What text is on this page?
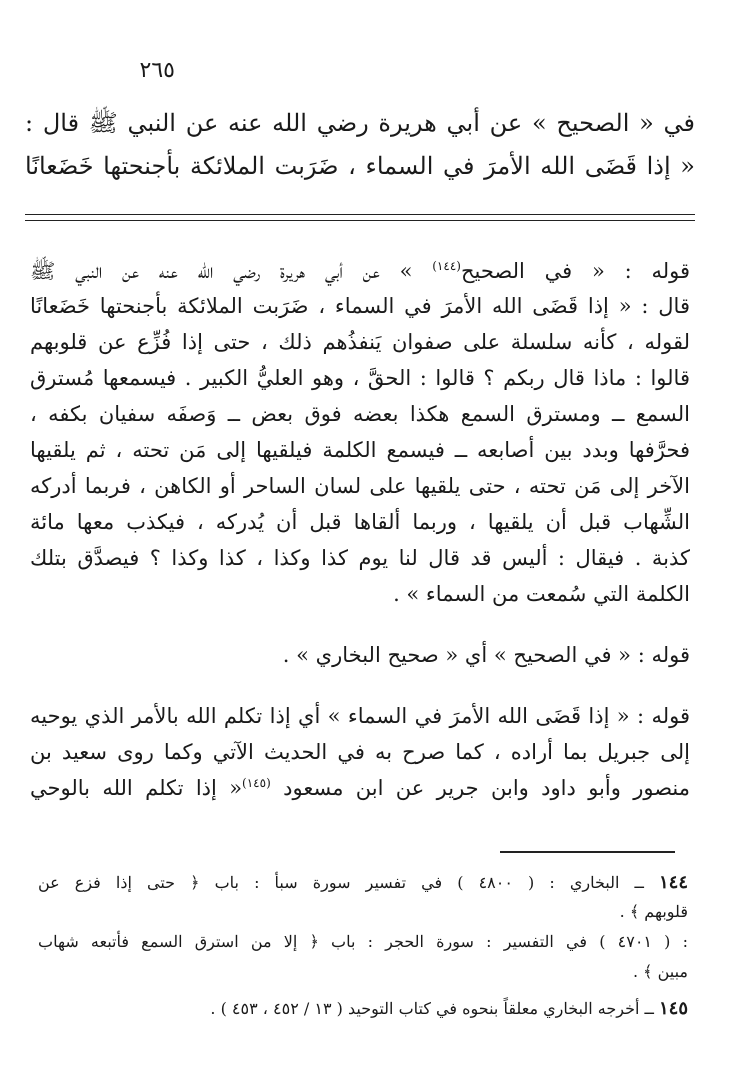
٢٦٥
في « الصحيح » عن أبي هريرة رضي الله عنه عن النبي ﷺ قال :
« إذا قَضَى الله الأمرَ في السماء ، ضَرَبت الملائكة بأجنحتها خَضَعانًا
قوله : « في الصحيح$^{(١٤٤)}$ » عن أبي هريرة رضي الله عنه عن النبي ﷺ
قال : « إذا قَضَى الله الأمرَ في السماء ، ضَرَبت الملائكة بأجنحتها خَضَعانًا
لقوله ، كأنه سلسلة على صفوان يَنفذُهم ذلك ، حتى إذا فُزِّع عن قلوبهم
قالوا : ماذا قال ربكم ؟ قالوا : الحقَّ ، وهو العليُّ الكبير . فيسمعها مُسترق
السمع ــ ومسترق السمع هكذا بعضه فوق بعض ــ وَصفَه سفيان بكفه ،
فحرَّفها وبدد بين أصابعه ــ فيسمع الكلمة فيلقيها إلى مَن تحته ، ثم يلقيها
الآخر إلى مَن تحته ، حتى يلقيها على لسان الساحر أو الكاهن ، فربما أدركه
الشِّهاب قبل أن يلقيها ، وربما ألقاها قبل أن يُدركه ، فيكذب معها مائة
كذبة . فيقال : أليس قد قال لنا يوم كذا وكذا ، كذا وكذا ؟ فيصدَّق بتلك
الكلمة التي سُمعت من السماء » .
قوله : « في الصحيح » أي « صحيح البخاري » .
قوله : « إذا قَضَى الله الأمرَ في السماء » أي إذا تكلم الله بالأمر الذي يوحيه
إلى جبريل بما أراده ، كما صرح به في الحديث الآتي وكما روى سعيد بن
منصور وأبو داود وابن جرير عن ابن مسعود $^{(١٤٥)}$« إذا تكلم الله بالوحي
١٤٤ ــ البخاري : ( ٤٨٠٠ ) في تفسير سورة سبأ : باب ﴿ حتى إذا فزع عن
قلوبهم ﴾ .
: ( ٤٧٠١ ) في التفسير : سورة الحجر : باب ﴿ إلا من استرق السمع فأتبعه شهاب
مبين ﴾ .
١٤٥ ــ أخرجه البخاري معلقاً بنحوه في كتاب التوحيد ( ١٣ / ٤٥٢ ، ٤٥٣ ) .
